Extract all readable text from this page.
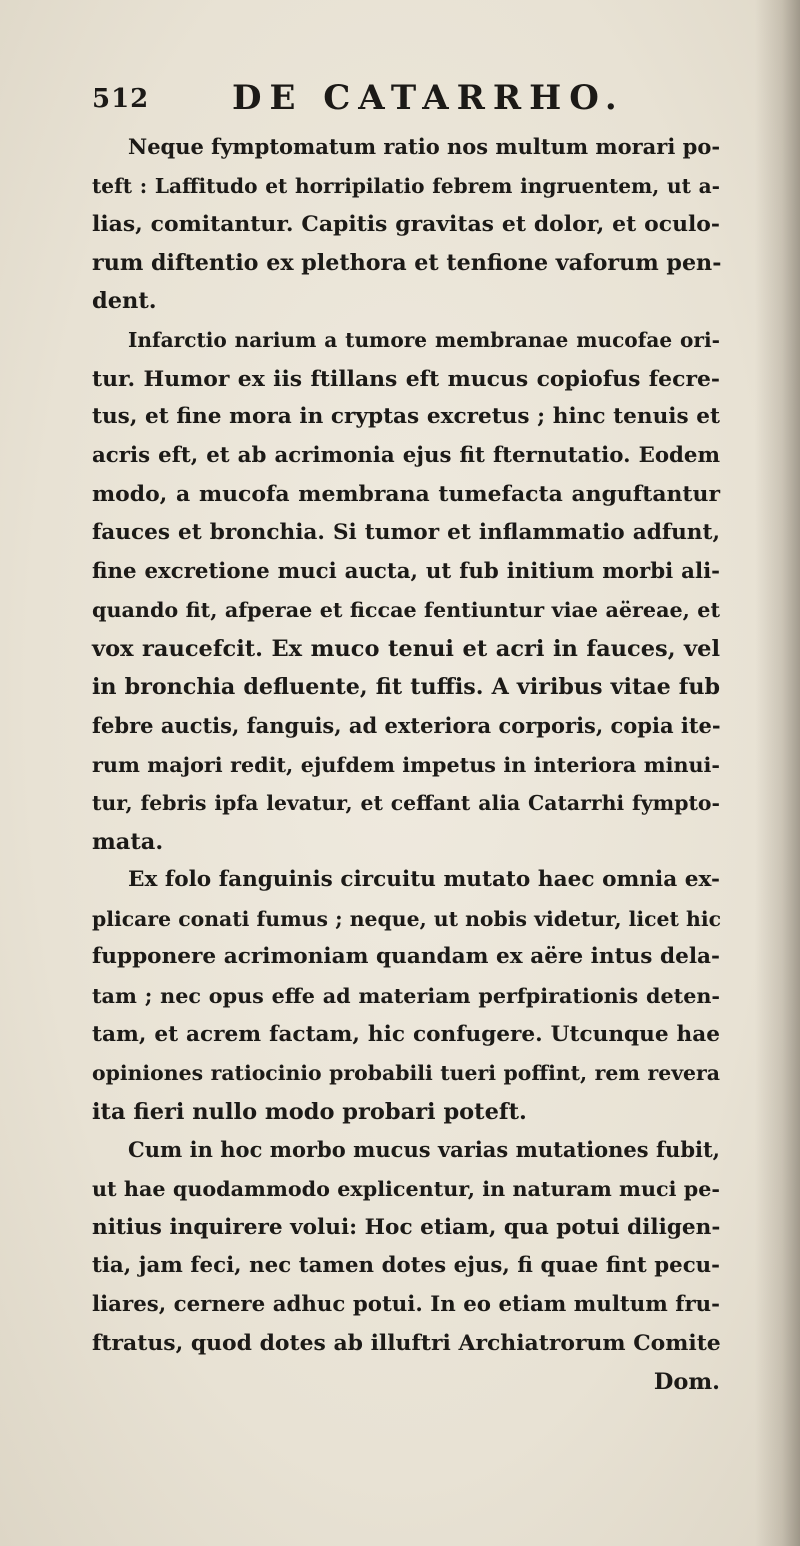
512 DE CATARRHO.
Neque fymptomatum ratio nos multum morari po-
teft : Laffitudo et horripilatio febrem ingruentem, ut a-
lias, comitantur. Capitis gravitas et dolor, et oculo-
rum diftentio ex plethora et tenfione vaforum pen-
dent.
Infarctio narium a tumore membranae mucofae ori-
tur. Humor ex iis ftillans eft mucus copiofus fecre-
tus, et fine mora in cryptas excretus ; hinc tenuis et
acris eft, et ab acrimonia ejus fit fternutatio. Eodem
modo, a mucofa membrana tumefacta anguftantur
fauces et bronchia. Si tumor et inflammatio adfunt,
fine excretione muci aucta, ut fub initium morbi ali-
quando fit, afperae et ficcae fentiuntur viae aëreae, et
vox raucefcit. Ex muco tenui et acri in fauces, vel
in bronchia defluente, fit tuffis. A viribus vitae fub
febre auctis, fanguis, ad exteriora corporis, copia ite-
rum majori redit, ejufdem impetus in interiora minui-
tur, febris ipfa levatur, et ceffant alia Catarrhi fympto-
mata.
Ex folo fanguinis circuitu mutato haec omnia ex-
plicare conati fumus ; neque, ut nobis videtur, licet hic
fupponere acrimoniam quandam ex aëre intus dela-
tam ; nec opus effe ad materiam perfpirationis deten-
tam, et acrem factam, hic confugere. Utcunque hae
opiniones ratiocinio probabili tueri poffint, rem revera
ita fieri nullo modo probari poteft.
Cum in hoc morbo mucus varias mutationes fubit,
ut hae quodammodo explicentur, in naturam muci pe-
nitius inquirere volui: Hoc etiam, qua potui diligen-
tia, jam feci, nec tamen dotes ejus, fi quae fint pecu-
liares, cernere adhuc potui. In eo etiam multum fru-
ftratus, quod dotes ab illuftri Archiatrorum Comite
Dom.
